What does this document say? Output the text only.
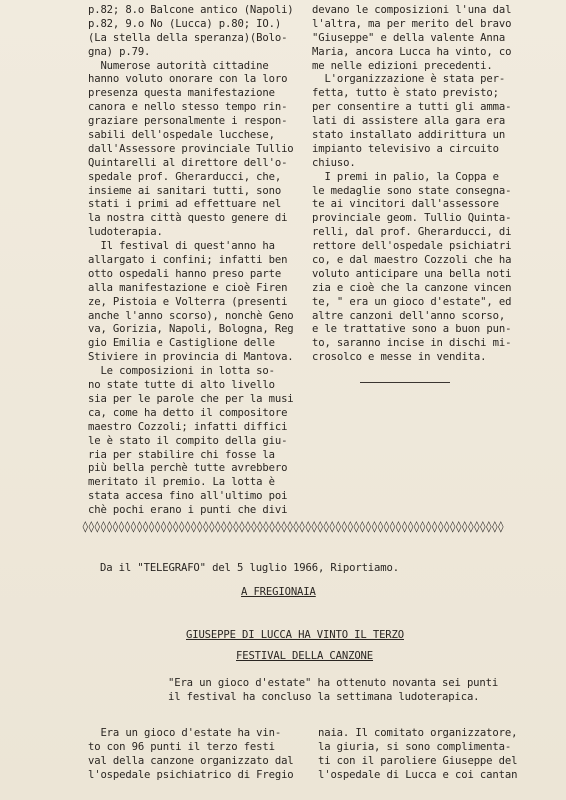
p.82; 8.o Balcone antico (Napoli)
p.82, 9.o No (Lucca) p.80; IO.)
(La stella della speranza)(Bolo-
gna) p.79.
Numerose autorità cittadine
hanno voluto onorare con la loro
presenza questa manifestazione
canora e nello stesso tempo rin-
graziare personalmente i respon-
sabili dell'ospedale lucchese,
dall'Assessore provinciale Tullio
Quintarelli al direttore dell'o-
spedale prof. Gherarducci, che,
insieme ai sanitari tutti, sono
stati i primi ad effettuare nel
la nostra città questo genere di
ludoterapia.
Il festival di quest'anno ha
allargato i confini; infatti ben
otto ospedali hanno preso parte
alla manifestazione e cioè Firen
ze, Pistoia e Volterra (presenti
anche l'anno scorso), nonchè Geno
va, Gorizia, Napoli, Bologna, Reg
gio Emilia e Castiglione delle
Stiviere in provincia di Mantova.
Le composizioni in lotta so-
no state tutte di alto livello
sia per le parole che per la musi
ca, come ha detto il compositore
maestro Cozzoli; infatti diffici
le è stato il compito della giu-
ria per stabilire chi fosse la
più bella perchè tutte avrebbero
meritato il premio. La lotta è
stata accesa fino all'ultimo poi
chè pochi erano i punti che divi
devano le composizioni l'una dal
l'altra, ma per merito del bravo
"Giuseppe" e della valente Anna
Maria, ancora Lucca ha vinto, co
me nelle edizioni precedenti.
L'organizzazione è stata per-
fetta, tutto è stato previsto;
per consentire a tutti gli amma-
lati di assistere alla gara era
stato installato addirittura un
impianto televisivo a circuito
chiuso.
I premi in palio, la Coppa e
le medaglie sono state consegna-
te ai vincitori dall'assessore
provinciale geom. Tullio Quinta-
relli, dal prof. Gherarducci, di
rettore dell'ospedale psichiatri
co, e dal maestro Cozzoli che ha
voluto anticipare una bella noti
zia e cioè che la canzone vincen
te, " era un gioco d'estate", ed
altre canzoni dell'anno scorso,
e le trattative sono a buon pun-
to, saranno incise in dischi mi-
crosolco e messe in vendita.
◊◊◊◊◊◊◊◊◊◊◊◊◊◊◊◊◊◊◊◊◊◊◊◊◊◊◊◊◊◊◊◊◊◊◊◊◊◊◊◊◊◊◊◊◊◊◊◊◊◊◊◊◊◊◊◊◊◊◊◊◊◊◊◊◊◊◊◊◊◊
Da il "TELEGRAFO" del 5 luglio 1966, Riportiamo.
A FREGIONAIA
GIUSEPPE DI LUCCA HA VINTO IL TERZO
FESTIVAL DELLA CANZONE
"Era un gioco d'estate" ha ottenuto novanta sei punti
il festival ha concluso la settimana ludoterapica.
Era un gioco d'estate ha vin-
to con 96 punti il terzo festi
val della canzone organizzato dal
l'ospedale psichiatrico di Fregio
naia. Il comitato organizzatore,
la giuria, si sono complimenta-
ti con il paroliere Giuseppe del
l'ospedale di Lucca e coi cantan
